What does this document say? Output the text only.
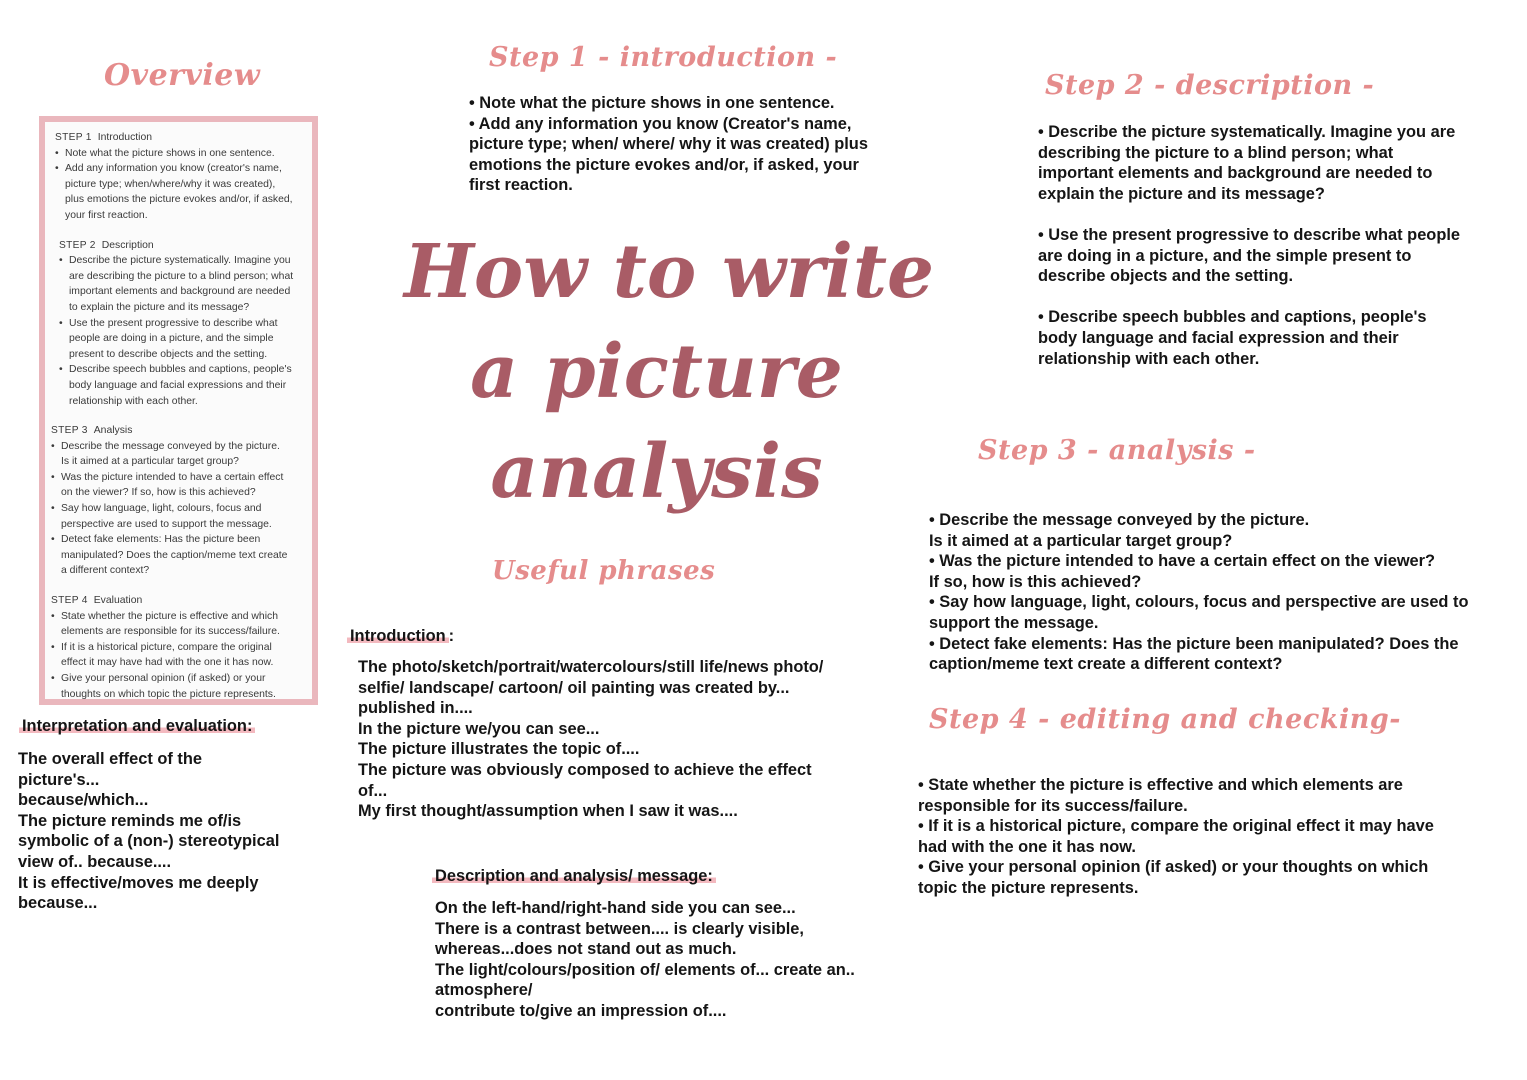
Overview
STEP 1 Introduction
• Note what the picture shows in one sentence.
• Add any information you know (creator's name,
picture type; when/where/why it was created),
plus emotions the picture evokes and/or, if asked,
your first reaction.
STEP 2 Description
• Describe the picture systematically. Imagine you
are describing the picture to a blind person; what
important elements and background are needed
to explain the picture and its message?
• Use the present progressive to describe what
people are doing in a picture, and the simple
present to describe objects and the setting.
• Describe speech bubbles and captions, people's
body language and facial expressions and their
relationship with each other.
STEP 3 Analysis
• Describe the message conveyed by the picture.
Is it aimed at a particular target group?
• Was the picture intended to have a certain effect
on the viewer? If so, how is this achieved?
• Say how language, light, colours, focus and
perspective are used to support the message.
• Detect fake elements: Has the picture been
manipulated? Does the caption/meme text create
a different context?
STEP 4 Evaluation
• State whether the picture is effective and which
elements are responsible for its success/failure.
• If it is a historical picture, compare the original
effect it may have had with the one it has now.
• Give your personal opinion (if asked) or your
thoughts on which topic the picture represents.
Step 1 - introduction -
• Note what the picture shows in one sentence.
• Add any information you know (Creator's name,
picture type; when/ where/ why it was created) plus
emotions the picture evokes and/or, if asked, your
first reaction.
Step 2 - description -
• Describe the picture systematically. Imagine you are
describing the picture to a blind person; what
important elements and background are needed to
explain the picture and its message?
• Use the present progressive to describe what people
are doing in a picture, and the simple present to
describe objects and the setting.
• Describe speech bubbles and captions, people's
body language and facial expression and their
relationship with each other.
How to write
a picture
analysis	Step 3 - analysis -
• Describe the message conveyed by the picture.
Is it aimed at a particular target group?
• Was the picture intended to have a certain effect on the viewer?
If so, how is this achieved?
• Say how language, light, colours, focus and perspective are used to
support the message.
• Detect fake elements: Has the picture been manipulated? Does the
caption/meme text create a different context?
Useful phrases
Introduction :
The photo/sketch/portrait/watercolours/still life/news photo/
selfie/ landscape/ cartoon/ oil painting was created by...
published in....
In the picture we/you can see...
The picture illustrates the topic of....
The picture was obviously composed to achieve the effect
of...
My first thought/assumption when I saw it was....
Step 4 - editing and checking-
• State whether the picture is effective and which elements are
responsible for its success/failure.
• If it is a historical picture, compare the original effect it may have
had with the one it has now.
• Give your personal opinion (if asked) or your thoughts on which
topic the picture represents.
Interpretation and evaluation:
The overall effect of the
picture's...
because/which...
The picture reminds me of/is
symbolic of a (non-) stereotypical
view of.. because....
It is effective/moves me deeply
because...
Description and analysis/ message:
On the left-hand/right-hand side you can see...
There is a contrast between.... is clearly visible,
whereas...does not stand out as much.
The light/colours/position of/ elements of... create an..
atmosphere/
contribute to/give an impression of....
